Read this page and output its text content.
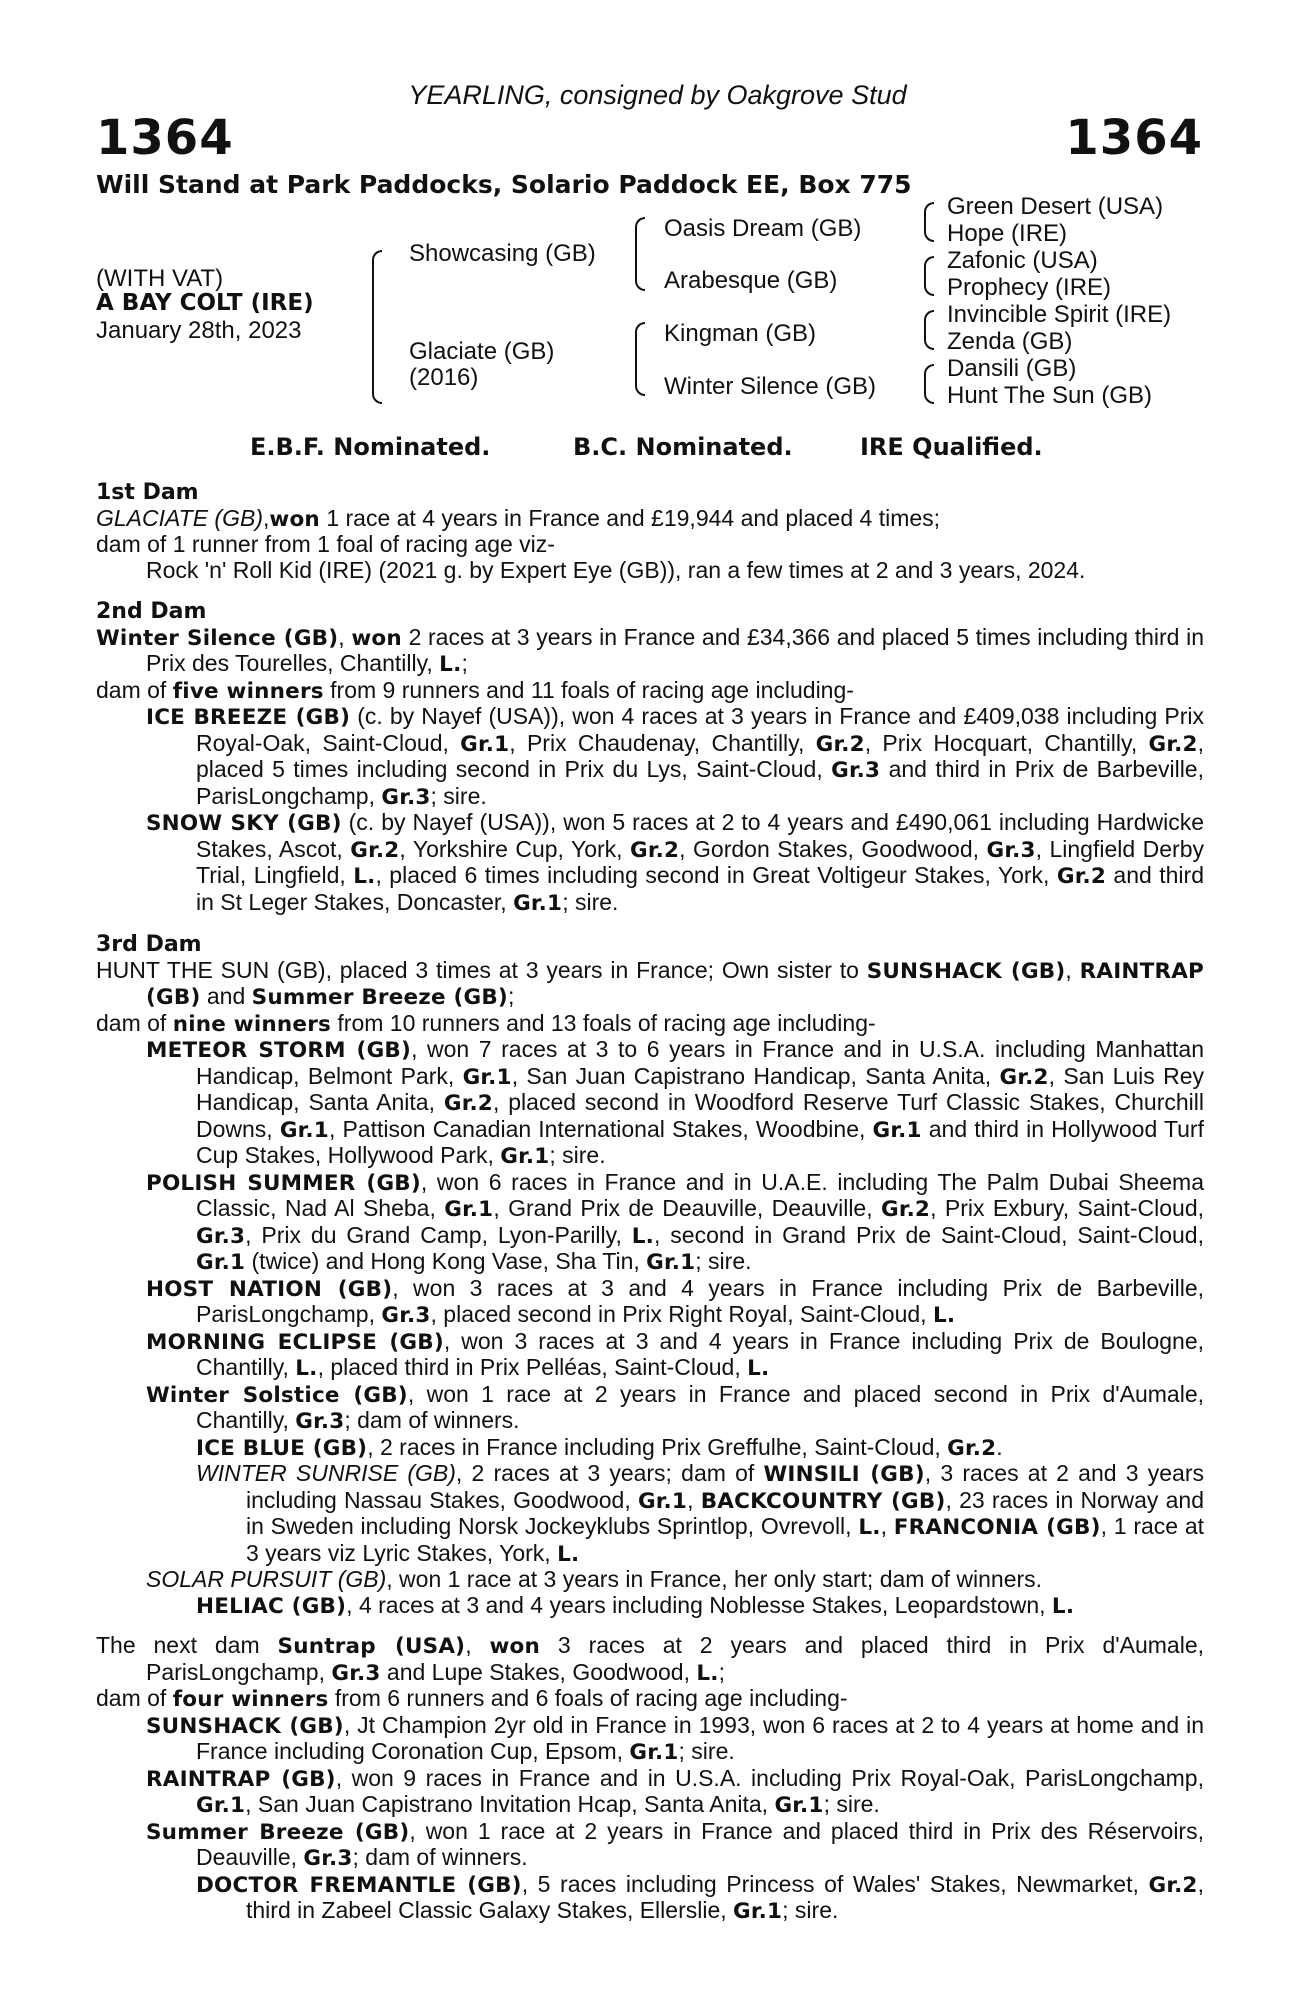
YEARLING, consigned by Oakgrove Stud
1364	1364
Will Stand at Park Paddocks, Solario Paddock EE, Box 775
(WITH VAT)
A BAY COLT (IRE)
January 28th, 2023
Showcasing (GB)
Glaciate (GB)
(2016)
Oasis Dream (GB)
Arabesque (GB)
Kingman (GB)
Winter Silence (GB)
Green Desert (USA)
Hope (IRE)
Zafonic (USA)
Prophecy (IRE)
Invincible Spirit (IRE)
Zenda (GB)
Dansili (GB)
Hunt The Sun (GB)
E.B.F. Nominated.	B.C. Nominated.	IRE Qualified.
1st Dam
GLACIATE (GB),won 1 race at 4 years in France and £19,944 and placed 4 times;
dam of 1 runner from 1 foal of racing age viz-
Rock 'n' Roll Kid (IRE) (2021 g. by Expert Eye (GB)), ran a few times at 2 and 3 years, 2024.
2nd Dam
Winter Silence (GB), won 2 races at 3 years in France and £34,366 and placed 5 times including third in Prix des Tourelles, Chantilly, L.;
dam of five winners from 9 runners and 11 foals of racing age including-
ICE BREEZE (GB) (c. by Nayef (USA)), won 4 races at 3 years in France and £409,038 including Prix Royal-Oak, Saint-Cloud, Gr.1, Prix Chaudenay, Chantilly, Gr.2, Prix Hocquart, Chantilly, Gr.2, placed 5 times including second in Prix du Lys, Saint-Cloud, Gr.3 and third in Prix de Barbeville, ParisLongchamp, Gr.3; sire.
SNOW SKY (GB) (c. by Nayef (USA)), won 5 races at 2 to 4 years and £490,061 including Hardwicke Stakes, Ascot, Gr.2, Yorkshire Cup, York, Gr.2, Gordon Stakes, Goodwood, Gr.3, Lingfield Derby Trial, Lingfield, L., placed 6 times including second in Great Voltigeur Stakes, York, Gr.2 and third in St Leger Stakes, Doncaster, Gr.1; sire.
3rd Dam
HUNT THE SUN (GB), placed 3 times at 3 years in France; Own sister to SUNSHACK (GB), RAINTRAP (GB) and Summer Breeze (GB);
dam of nine winners from 10 runners and 13 foals of racing age including-
METEOR STORM (GB), won 7 races at 3 to 6 years in France and in U.S.A. including Manhattan Handicap, Belmont Park, Gr.1, San Juan Capistrano Handicap, Santa Anita, Gr.2, San Luis Rey Handicap, Santa Anita, Gr.2, placed second in Woodford Reserve Turf Classic Stakes, Churchill Downs, Gr.1, Pattison Canadian International Stakes, Woodbine, Gr.1 and third in Hollywood Turf Cup Stakes, Hollywood Park, Gr.1; sire.
POLISH SUMMER (GB), won 6 races in France and in U.A.E. including The Palm Dubai Sheema Classic, Nad Al Sheba, Gr.1, Grand Prix de Deauville, Deauville, Gr.2, Prix Exbury, Saint-Cloud, Gr.3, Prix du Grand Camp, Lyon-Parilly, L., second in Grand Prix de Saint-Cloud, Saint-Cloud, Gr.1 (twice) and Hong Kong Vase, Sha Tin, Gr.1; sire.
HOST NATION (GB), won 3 races at 3 and 4 years in France including Prix de Barbeville, ParisLongchamp, Gr.3, placed second in Prix Right Royal, Saint-Cloud, L.
MORNING ECLIPSE (GB), won 3 races at 3 and 4 years in France including Prix de Boulogne, Chantilly, L., placed third in Prix Pelléas, Saint-Cloud, L.
Winter Solstice (GB), won 1 race at 2 years in France and placed second in Prix d'Aumale, Chantilly, Gr.3; dam of winners.
ICE BLUE (GB), 2 races in France including Prix Greffulhe, Saint-Cloud, Gr.2.
WINTER SUNRISE (GB), 2 races at 3 years; dam of WINSILI (GB), 3 races at 2 and 3 years including Nassau Stakes, Goodwood, Gr.1, BACKCOUNTRY (GB), 23 races in Norway and in Sweden including Norsk Jockeyklubs Sprintlop, Ovrevoll, L., FRANCONIA (GB), 1 race at 3 years viz Lyric Stakes, York, L.
SOLAR PURSUIT (GB), won 1 race at 3 years in France, her only start; dam of winners.
HELIAC (GB), 4 races at 3 and 4 years including Noblesse Stakes, Leopardstown, L.
The next dam Suntrap (USA), won 3 races at 2 years and placed third in Prix d'Aumale, ParisLongchamp, Gr.3 and Lupe Stakes, Goodwood, L.;
dam of four winners from 6 runners and 6 foals of racing age including-
SUNSHACK (GB), Jt Champion 2yr old in France in 1993, won 6 races at 2 to 4 years at home and in France including Coronation Cup, Epsom, Gr.1; sire.
RAINTRAP (GB), won 9 races in France and in U.S.A. including Prix Royal-Oak, ParisLongchamp, Gr.1, San Juan Capistrano Invitation Hcap, Santa Anita, Gr.1; sire.
Summer Breeze (GB), won 1 race at 2 years in France and placed third in Prix des Réservoirs, Deauville, Gr.3; dam of winners.
DOCTOR FREMANTLE (GB), 5 races including Princess of Wales' Stakes, Newmarket, Gr.2, third in Zabeel Classic Galaxy Stakes, Ellerslie, Gr.1; sire.
